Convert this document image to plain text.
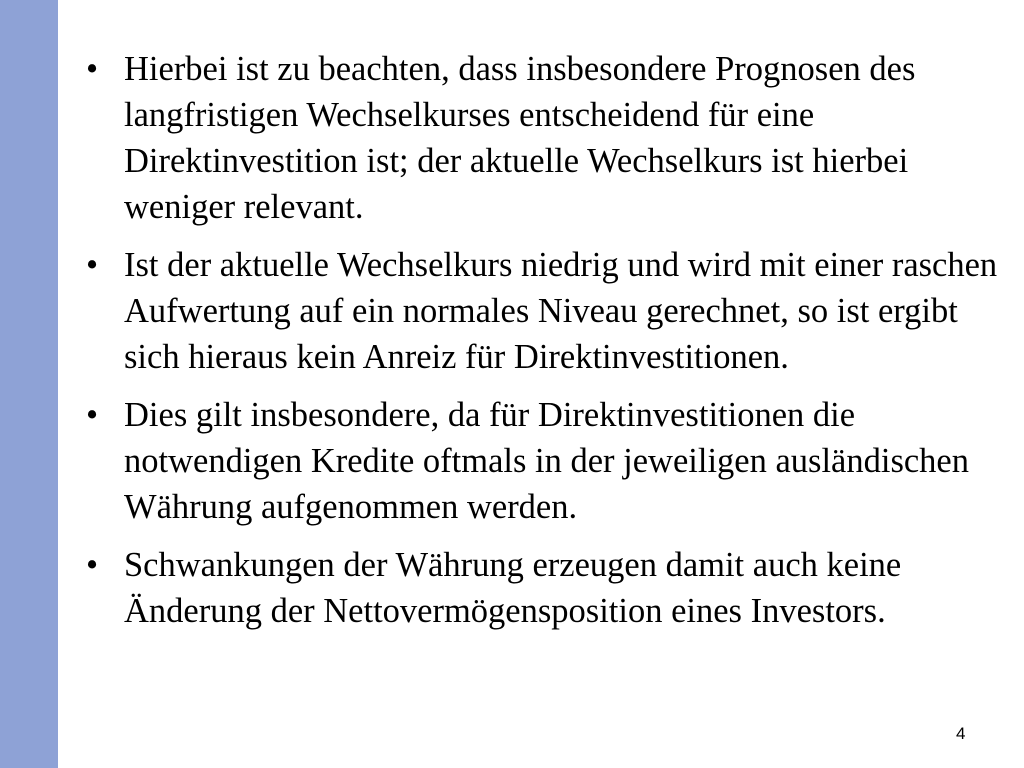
• Hierbei ist zu beachten, dass insbesondere Prognosen des langfristigen Wechselkurses entscheidend für eine Direktinvestition ist; der aktuelle Wechselkurs ist hierbei weniger relevant.
• Ist der aktuelle Wechselkurs niedrig und wird mit einer raschen Aufwertung auf ein normales Niveau gerechnet, so ist ergibt sich hieraus kein Anreiz für Direktinvestitionen.
• Dies gilt insbesondere, da für Direktinvestitionen die notwendigen Kredite oftmals in der jeweiligen ausländischen Währung aufgenommen werden.
• Schwankungen der Währung erzeugen damit auch keine Änderung der Nettovermögensposition eines Investors.
4
